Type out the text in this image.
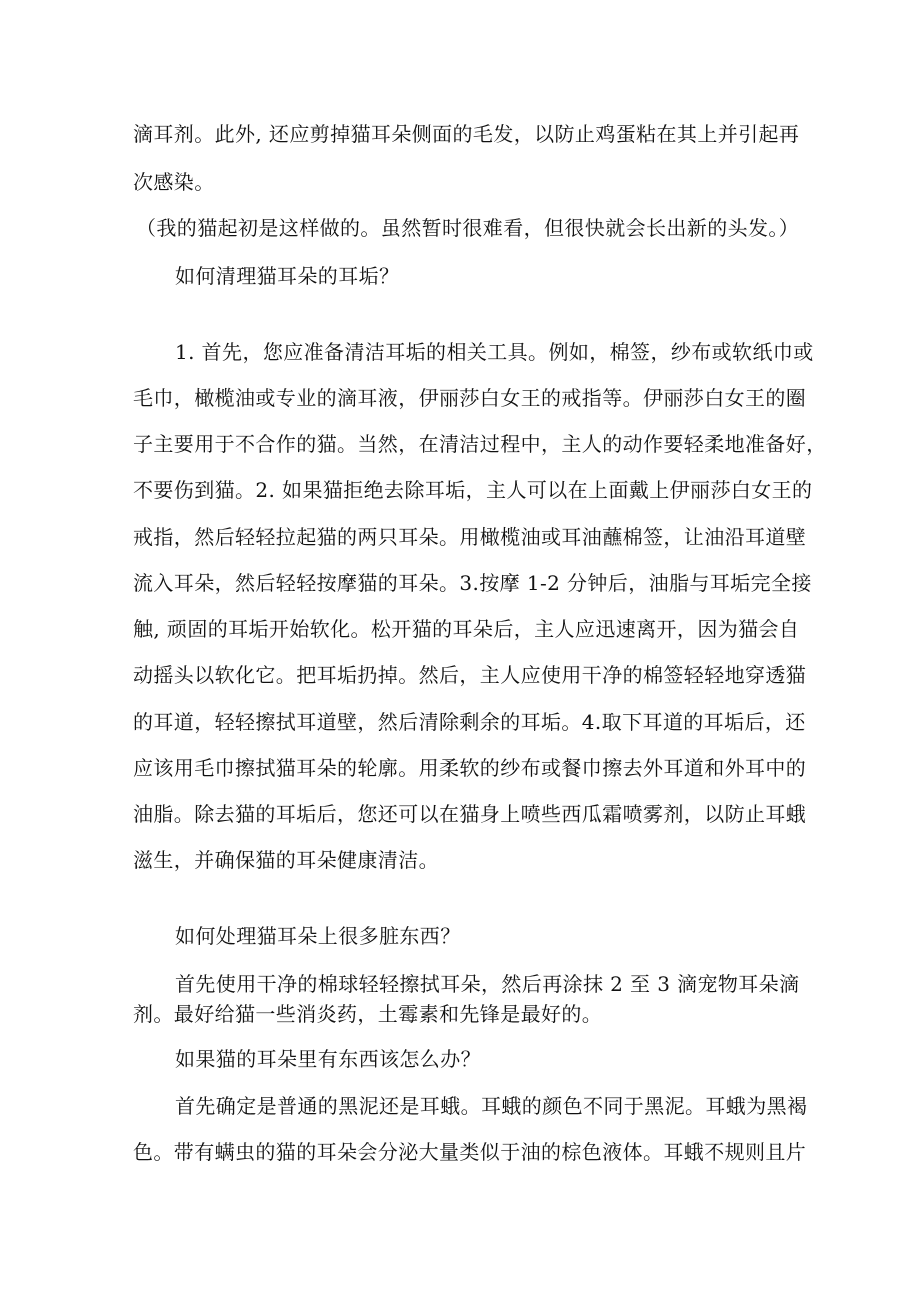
滴耳剂。此外, 还应剪掉猫耳朵侧面的毛发，以防止鸡蛋粘在其上并引起再

次感染。

（我的猫起初是这样做的。虽然暂时很难看，但很快就会长出新的头发。）

如何清理猫耳朵的耳垢？

1. 首先，您应准备清洁耳垢的相关工具。例如，棉签，纱布或软纸巾或

毛巾，橄榄油或专业的滴耳液，伊丽莎白女王的戒指等。伊丽莎白女王的圈

子主要用于不合作的猫。当然，在清洁过程中，主人的动作要轻柔地准备好，

不要伤到猫。2. 如果猫拒绝去除耳垢，主人可以在上面戴上伊丽莎白女王的

戒指，然后轻轻拉起猫的两只耳朵。用橄榄油或耳油蘸棉签，让油沿耳道壁

流入耳朵，然后轻轻按摩猫的耳朵。3.按摩 1-2 分钟后，油脂与耳垢完全接

触, 顽固的耳垢开始软化。松开猫的耳朵后，主人应迅速离开，因为猫会自

动摇头以软化它。把耳垢扔掉。然后，主人应使用干净的棉签轻轻地穿透猫

的耳道，轻轻擦拭耳道壁，然后清除剩余的耳垢。4.取下耳道的耳垢后，还

应该用毛巾擦拭猫耳朵的轮廓。用柔软的纱布或餐巾擦去外耳道和外耳中的

油脂。除去猫的耳垢后，您还可以在猫身上喷些西瓜霜喷雾剂，以防止耳蛾

滋生，并确保猫的耳朵健康清洁。

如何处理猫耳朵上很多脏东西？

首先使用干净的棉球轻轻擦拭耳朵，然后再涂抹 2 至 3 滴宠物耳朵滴

剂。最好给猫一些消炎药，土霉素和先锋是最好的。

如果猫的耳朵里有东西该怎么办？

首先确定是普通的黑泥还是耳蛾。耳蛾的颜色不同于黑泥。耳蛾为黑褐

色。带有螨虫的猫的耳朵会分泌大量类似于油的棕色液体。耳蛾不规则且片
